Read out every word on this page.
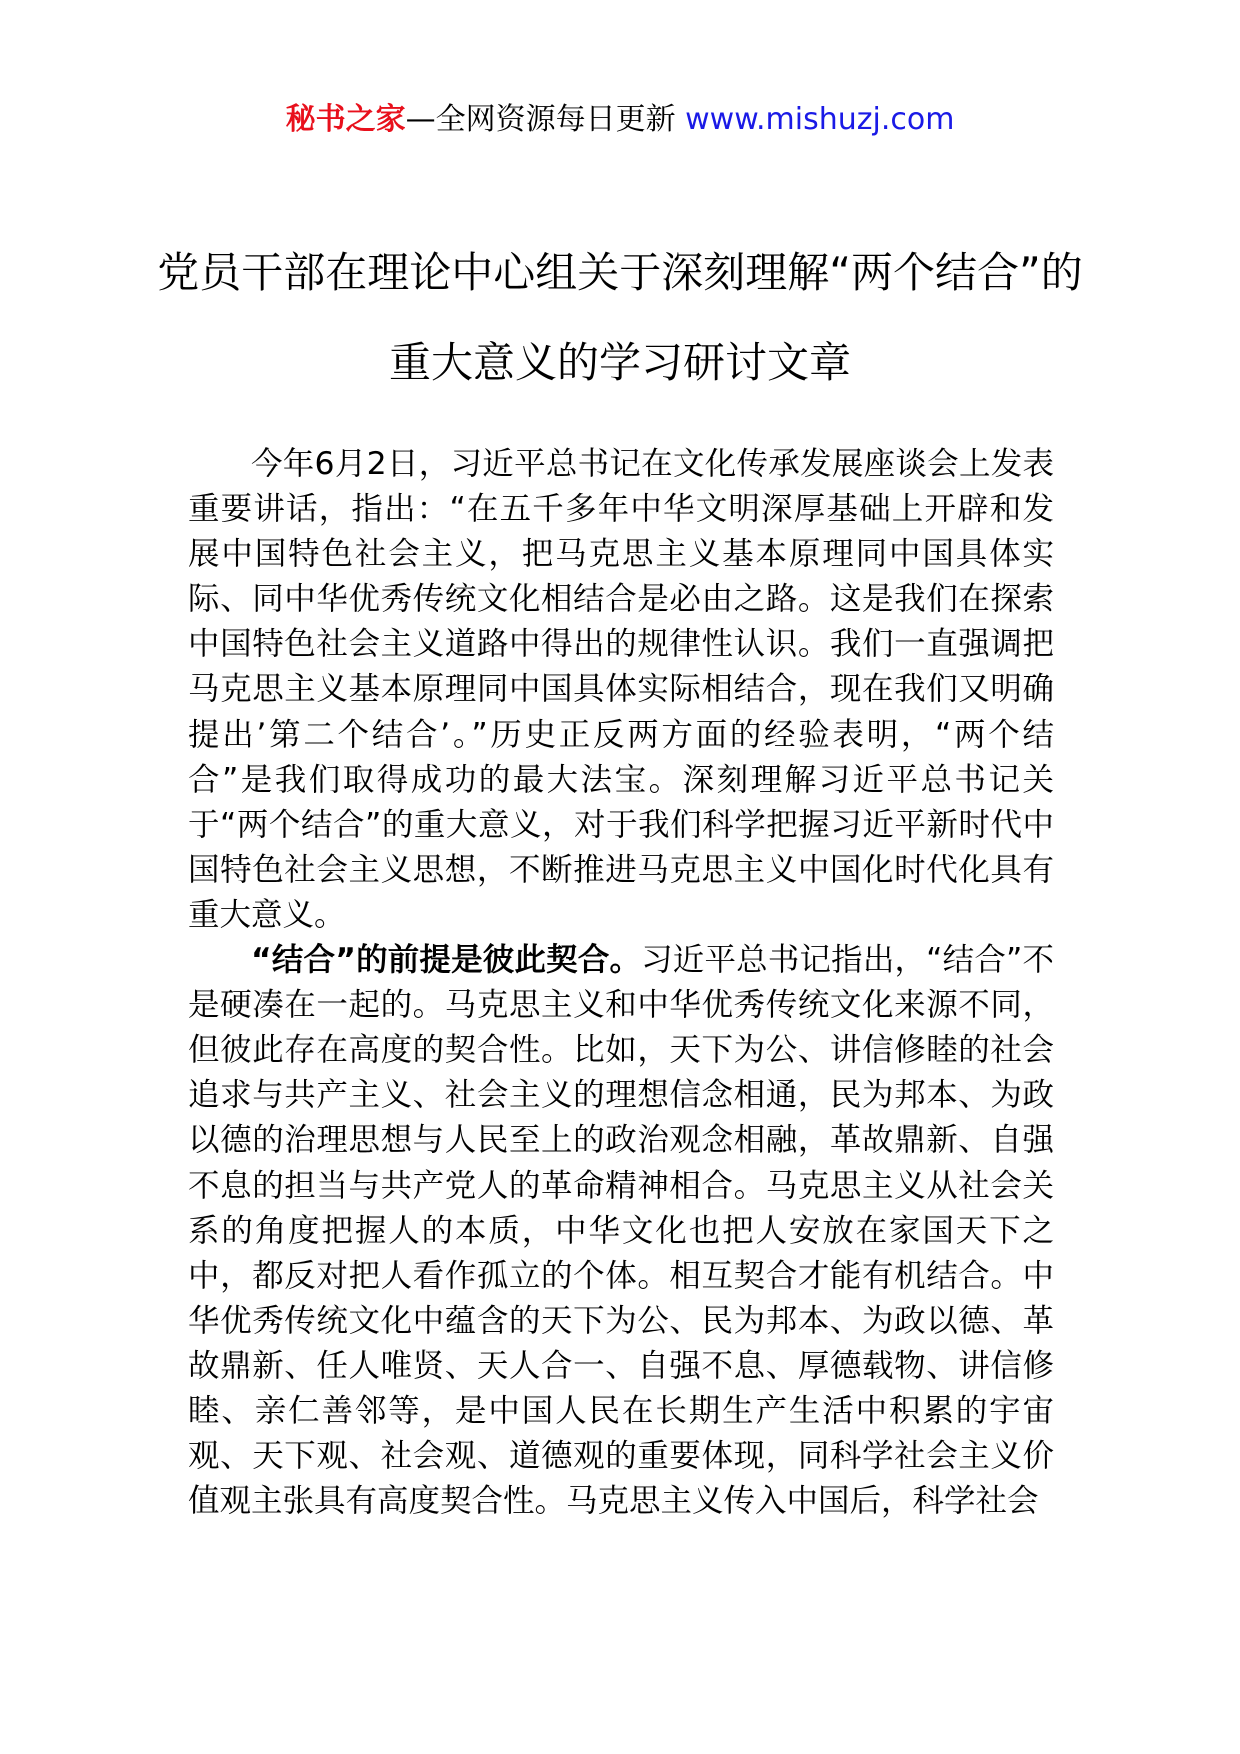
秘书之家—全网资源每日更新 www.mishuzj.com
党员干部在理论中心组关于深刻理解“两个结合”的重大意义的学习研讨文章

今年6月2日，习近平总书记在文化传承发展座谈会上发表重要讲话，指出：“在五千多年中华文明深厚基础上开辟和发展中国特色社会主义，把马克思主义基本原理同中国具体实际、同中华优秀传统文化相结合是必由之路。这是我们在探索中国特色社会主义道路中得出的规律性认识。我们一直强调把马克思主义基本原理同中国具体实际相结合，现在我们又明确提出’第二个结合’。”历史正反两方面的经验表明，“两个结合”是我们取得成功的最大法宝。深刻理解习近平总书记关于“两个结合”的重大意义，对于我们科学把握习近平新时代中国特色社会主义思想，不断推进马克思主义中国化时代化具有重大意义。

“结合”的前提是彼此契合。习近平总书记指出，“结合”不是硬凑在一起的。马克思主义和中华优秀传统文化来源不同，但彼此存在高度的契合性。比如，天下为公、讲信修睦的社会追求与共产主义、社会主义的理想信念相通，民为邦本、为政以德的治理思想与人民至上的政治观念相融，革故鼎新、自强不息的担当与共产党人的革命精神相合。马克思主义从社会关系的角度把握人的本质，中华文化也把人安放在家国天下之中，都反对把人看作孤立的个体。相互契合才能有机结合。中华优秀传统文化中蕴含的天下为公、民为邦本、为政以德、革故鼎新、任人唯贤、天人合一、自强不息、厚德载物、讲信修睦、亲仁善邻等，是中国人民在长期生产生活中积累的宇宙观、天下观、社会观、道德观的重要体现，同科学社会主义价值观主张具有高度契合性。马克思主义传入中国后，科学社会
